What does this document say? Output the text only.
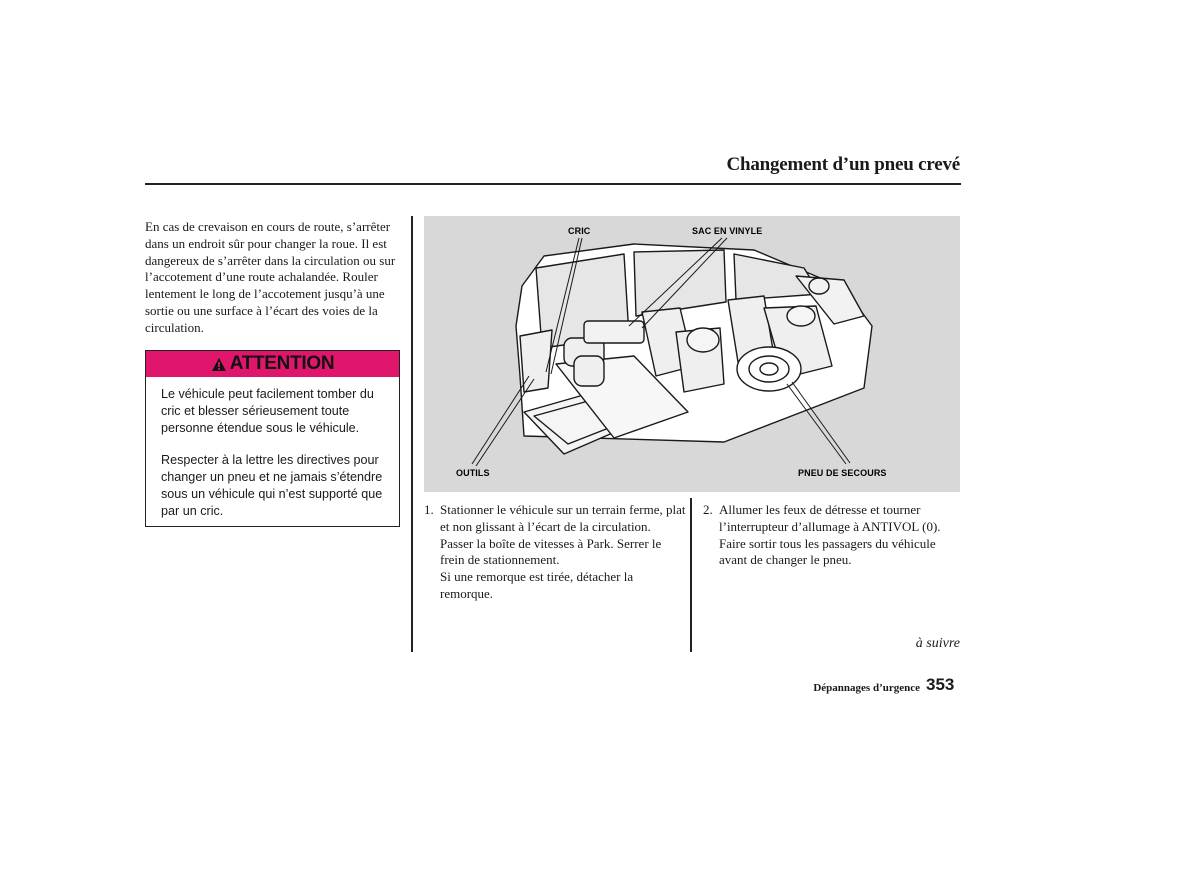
Changement d’un pneu crevé
En cas de crevaison en cours de route, s’arrêter dans un endroit sûr pour changer la roue. Il est dangereux de s’arrêter dans la circulation ou sur l’accotement d’une route achalandée. Rouler lentement le long de l’accotement jusqu’à une sortie ou une surface à l’écart des voies de la circulation.
ATTENTION

Le véhicule peut facilement tomber du cric et blesser sérieusement toute personne étendue sous le véhicule.

Respecter à la lettre les directives pour changer un pneu et ne jamais s’étendre sous un véhicule qui n’est supporté que par un cric.

CRIC	SAC EN VINYLE
OUTILS	PNEU DE SECOURS
1. Stationner le véhicule sur un terrain ferme, plat et non glissant à l’écart de la circulation. Passer la boîte de vitesses à Park. Serrer le frein de stationnement.
Si une remorque est tirée, détacher la remorque.
2. Allumer les feux de détresse et tourner l’interrupteur d’allumage à ANTIVOL (0). Faire sortir tous les passagers du véhicule avant de changer le pneu.
à suivre
Dépannages d’urgence 353
